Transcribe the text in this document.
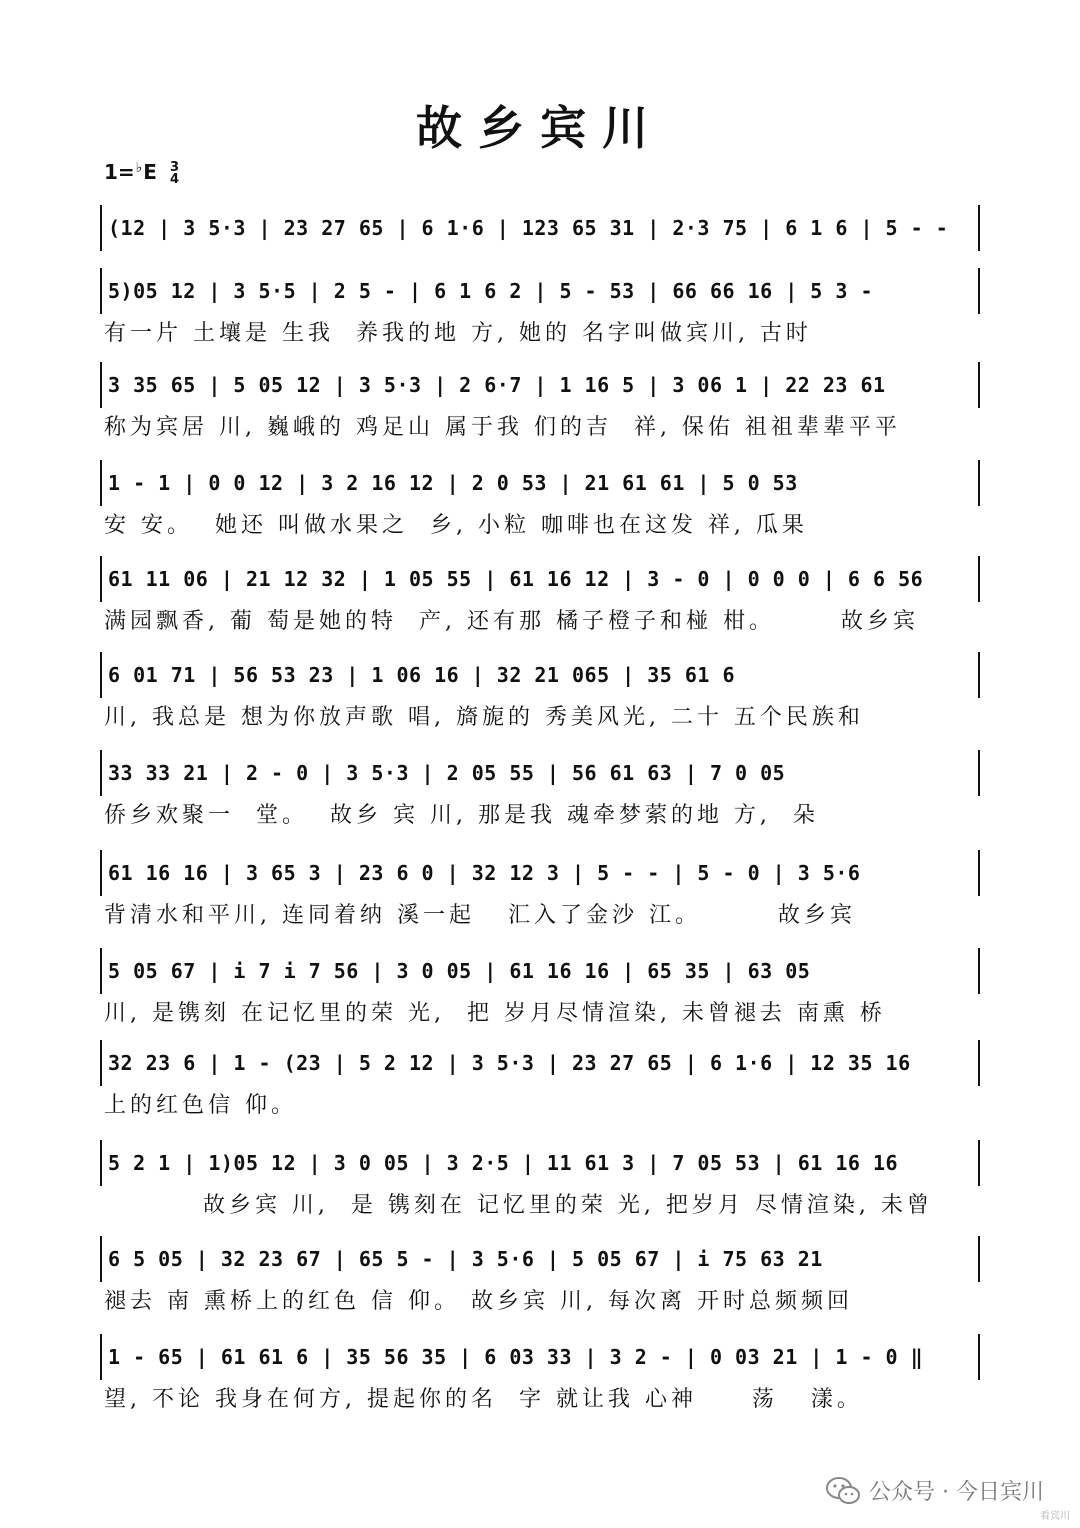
故乡宾川
1=♭E 3
4
(12 | 3 5·3 | 23 27 65 | 6 1·6 | 123 65 31 | 2·3 75 | 6 1 6 | 5 - -
5)05 12 | 3 5·5 | 2 5 - | 6 1 6 2 | 5 - 53 | 66 66 16 | 5 3 -
有一片 土壤是 生我  养我的地 方, 她的 名字叫做宾川, 古时
3 35 65 | 5 05 12 | 3 5·3 | 2 6·7 | 1 16 5 | 3 06 1 | 22 23 61
称为宾居 川, 巍峨的 鸡足山 属于我 们的吉  祥, 保佑 祖祖辈辈平平
1 - 1 | 0 0 12 | 3 2 16 12 | 2 0 53 | 21 61 61 | 5 0 53
安 安。  她还 叫做水果之  乡, 小粒 咖啡也在这发 祥, 瓜果
61 11 06 | 21 12 32 | 1 05 55 | 61 16 12 | 3 - 0 | 0 0 0 | 6 6 56
满园飘香, 葡 萄是她的特  产, 还有那 橘子橙子和椪 柑。      故乡宾
6 01 71 | 56 53 23 | 1 06 16 | 32 21 065 | 35 61 6
川, 我总是 想为你放声歌 唱, 旖旎的 秀美风光, 二十 五个民族和
33 33 21 | 2 - 0 | 3 5·3 | 2 05 55 | 56 61 63 | 7 0 05
侨乡欢聚一  堂。  故乡 宾 川, 那是我 魂牵梦萦的地 方,  朵
61 16 16 | 3 65 3 | 23 6 0 | 32 12 3 | 5 - - | 5 - 0 | 3 5·6
背清水和平川, 连同着纳 溪一起   汇入了金沙 江。       故乡宾
5 05 67 | i 7 i 7 56 | 3 0 05 | 61 16 16 | 65 35 | 63 05
川, 是镌刻 在记忆里的荣 光,  把 岁月尽情渲染, 未曾褪去 南熏 桥
32 23 6 | 1 - (23 | 5 2 12 | 3 5·3 | 23 27 65 | 6 1·6 | 12 35 16
上的红色信 仰。
5 2 1 | 1)05 12 | 3 0 05 | 3 2·5 | 11 61 3 | 7 05 53 | 61 16 16
故乡宾 川,  是 镌刻在 记忆里的荣 光, 把岁月 尽情渲染, 未曾
6 5 05 | 32 23 67 | 65 5 - | 3 5·6 | 5 05 67 | i 75 63 21
褪去 南 熏桥上的红色 信 仰。 故乡宾 川, 每次离 开时总频频回
1 - 65 | 61 61 6 | 35 56 35 | 6 03 33 | 3 2 - | 0 03 21 | 1 - 0 ‖
望, 不论 我身在何方, 提起你的名  字 就让我 心神     荡   漾。
公众号 · 今日宾川
看宾川
